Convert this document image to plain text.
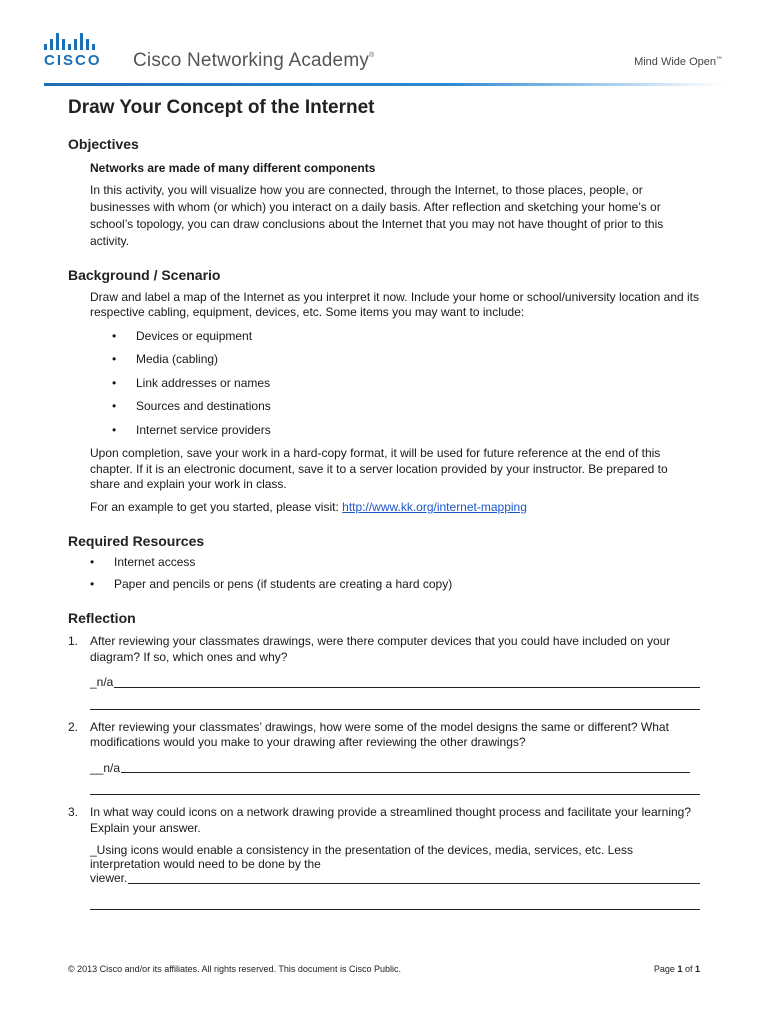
CISCO Cisco Networking Academy®
Mind Wide Open™
Draw Your Concept of the Internet
Objectives

Networks are made of many different components

In this activity, you will visualize how you are connected, through the Internet, to those places, people, or businesses with whom (or which) you interact on a daily basis. After reflection and sketching your home’s or school’s topology, you can draw conclusions about the Internet that you may not have thought of prior to this activity.

Background / Scenario

Draw and label a map of the Internet as you interpret it now. Include your home or school/university location and its respective cabling, equipment, devices, etc. Some items you may want to include:

• Devices or equipment
• Media (cabling)
• Link addresses or names
• Sources and destinations
• Internet service providers

Upon completion, save your work in a hard-copy format, it will be used for future reference at the end of this chapter. If it is an electronic document, save it to a server location provided by your instructor. Be prepared to share and explain your work in class.

For an example to get you started, please visit: http://www.kk.org/internet-mapping

Required Resources
• Internet access
• Paper and pencils or pens (if students are creating a hard copy)
Reflection
1. After reviewing your classmates drawings, were there computer devices that you could have included on your diagram? If so, which ones and why?

_n/a
2. After reviewing your classmates’ drawings, how were some of the model designs the same or different? What modifications would you make to your drawing after reviewing the other drawings?

__n/a
3. In what way could icons on a network drawing provide a streamlined thought process and facilitate your learning? Explain your answer.

_Using icons would enable a consistency in the presentation of the devices, media, services, etc. Less
interpretation would need to be done by the

viewer.
© 2013 Cisco and/or its affiliates. All rights reserved. This document is Cisco Public.	Page 1 of 1
